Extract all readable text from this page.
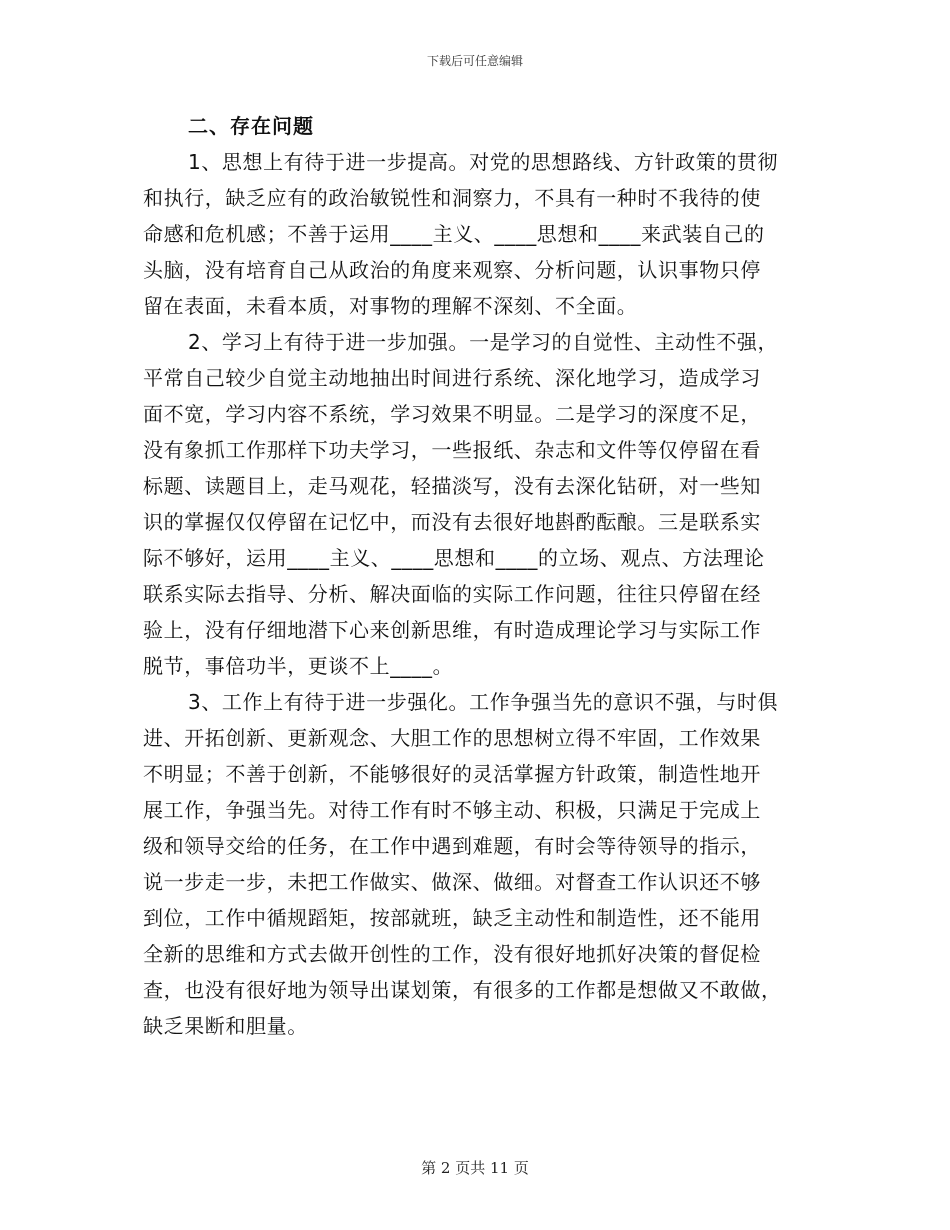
下载后可任意编辑
二、存在问题
1、思想上有待于进一步提高。对党的思想路线、方针政策的贯彻
和执行，缺乏应有的政治敏锐性和洞察力，不具有一种时不我待的使
命感和危机感；不善于运用____主义、____思想和____来武装自己的
头脑，没有培育自己从政治的角度来观察、分析问题，认识事物只停
留在表面，未看本质，对事物的理解不深刻、不全面。
2、学习上有待于进一步加强。一是学习的自觉性、主动性不强，
平常自己较少自觉主动地抽出时间进行系统、深化地学习，造成学习
面不宽，学习内容不系统，学习效果不明显。二是学习的深度不足，
没有象抓工作那样下功夫学习，一些报纸、杂志和文件等仅停留在看
标题、读题目上，走马观花，轻描淡写，没有去深化钻研，对一些知
识的掌握仅仅停留在记忆中，而没有去很好地斟酌酝酿。三是联系实
际不够好，运用____主义、____思想和____的立场、观点、方法理论
联系实际去指导、分析、解决面临的实际工作问题，往往只停留在经
验上，没有仔细地潜下心来创新思维，有时造成理论学习与实际工作
脱节，事倍功半，更谈不上____。
3、工作上有待于进一步强化。工作争强当先的意识不强，与时俱
进、开拓创新、更新观念、大胆工作的思想树立得不牢固，工作效果
不明显；不善于创新，不能够很好的灵活掌握方针政策，制造性地开
展工作，争强当先。对待工作有时不够主动、积极，只满足于完成上
级和领导交给的任务，在工作中遇到难题，有时会等待领导的指示，
说一步走一步，未把工作做实、做深、做细。对督查工作认识还不够
到位，工作中循规蹈矩，按部就班，缺乏主动性和制造性，还不能用
全新的思维和方式去做开创性的工作，没有很好地抓好决策的督促检
查，也没有很好地为领导出谋划策，有很多的工作都是想做又不敢做，
缺乏果断和胆量。
第 2 页共 11 页
